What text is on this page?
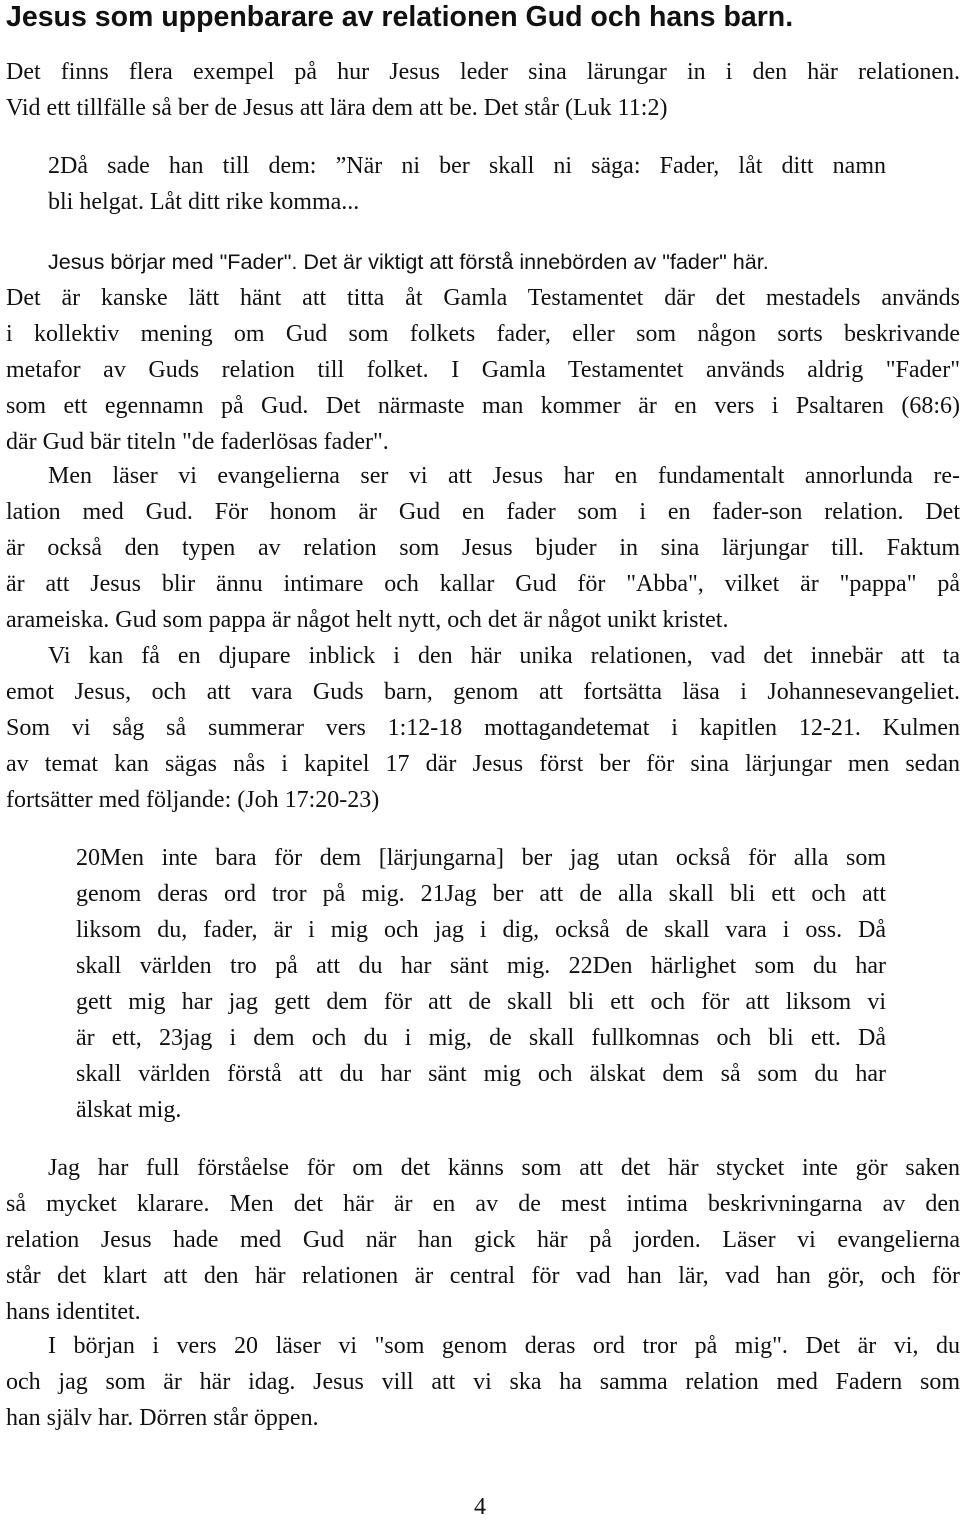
Jesus som uppenbarare av relationen Gud och hans barn.

Det finns flera exempel på hur Jesus leder sina lärungar in i den här relationen.

Vid ett tillfälle så ber de Jesus att lära dem att be. Det står (Luk 11:2)

2Då sade han till dem: ”När ni ber skall ni säga: Fader, låt ditt namn

bli helgat. Låt ditt rike komma...

Jesus börjar med "Fader". Det är viktigt att förstå innebörden av "fader" här.

Det är kanske lätt hänt att titta åt Gamla Testamentet där det mestadels används

i kollektiv mening om Gud som folkets fader, eller som någon sorts beskrivande

metafor av Guds relation till folket. I Gamla Testamentet används aldrig "Fader"

som ett egennamn på Gud. Det närmaste man kommer är en vers i Psaltaren (68:6)

där Gud bär titeln "de faderlösas fader".

Men läser vi evangelierna ser vi att Jesus har en fundamentalt annorlunda re-

lation med Gud. För honom är Gud en fader som i en fader-son relation. Det

är också den typen av relation som Jesus bjuder in sina lärjungar till. Faktum

är att Jesus blir ännu intimare och kallar Gud för "Abba", vilket är "pappa" på

arameiska. Gud som pappa är något helt nytt, och det är något unikt kristet.

Vi kan få en djupare inblick i den här unika relationen, vad det innebär att ta

emot Jesus, och att vara Guds barn, genom att fortsätta läsa i Johannesevangeliet.

Som vi såg så summerar vers 1:12-18 mottagandetemat i kapitlen 12-21. Kulmen

av temat kan sägas nås i kapitel 17 där Jesus först ber för sina lärjungar men sedan

fortsätter med följande: (Joh 17:20-23)

20Men inte bara för dem [lärjungarna] ber jag utan också för alla som

genom deras ord tror på mig. 21Jag ber att de alla skall bli ett och att

liksom du, fader, är i mig och jag i dig, också de skall vara i oss. Då

skall världen tro på att du har sänt mig. 22Den härlighet som du har

gett mig har jag gett dem för att de skall bli ett och för att liksom vi

är ett, 23jag i dem och du i mig, de skall fullkomnas och bli ett. Då

skall världen förstå att du har sänt mig och älskat dem så som du har

älskat mig.

Jag har full förståelse för om det känns som att det här stycket inte gör saken

så mycket klarare. Men det här är en av de mest intima beskrivningarna av den

relation Jesus hade med Gud när han gick här på jorden. Läser vi evangelierna

står det klart att den här relationen är central för vad han lär, vad han gör, och för

hans identitet.

I början i vers 20 läser vi "som genom deras ord tror på mig". Det är vi, du

och jag som är här idag. Jesus vill att vi ska ha samma relation med Fadern som

han själv har. Dörren står öppen.

4
